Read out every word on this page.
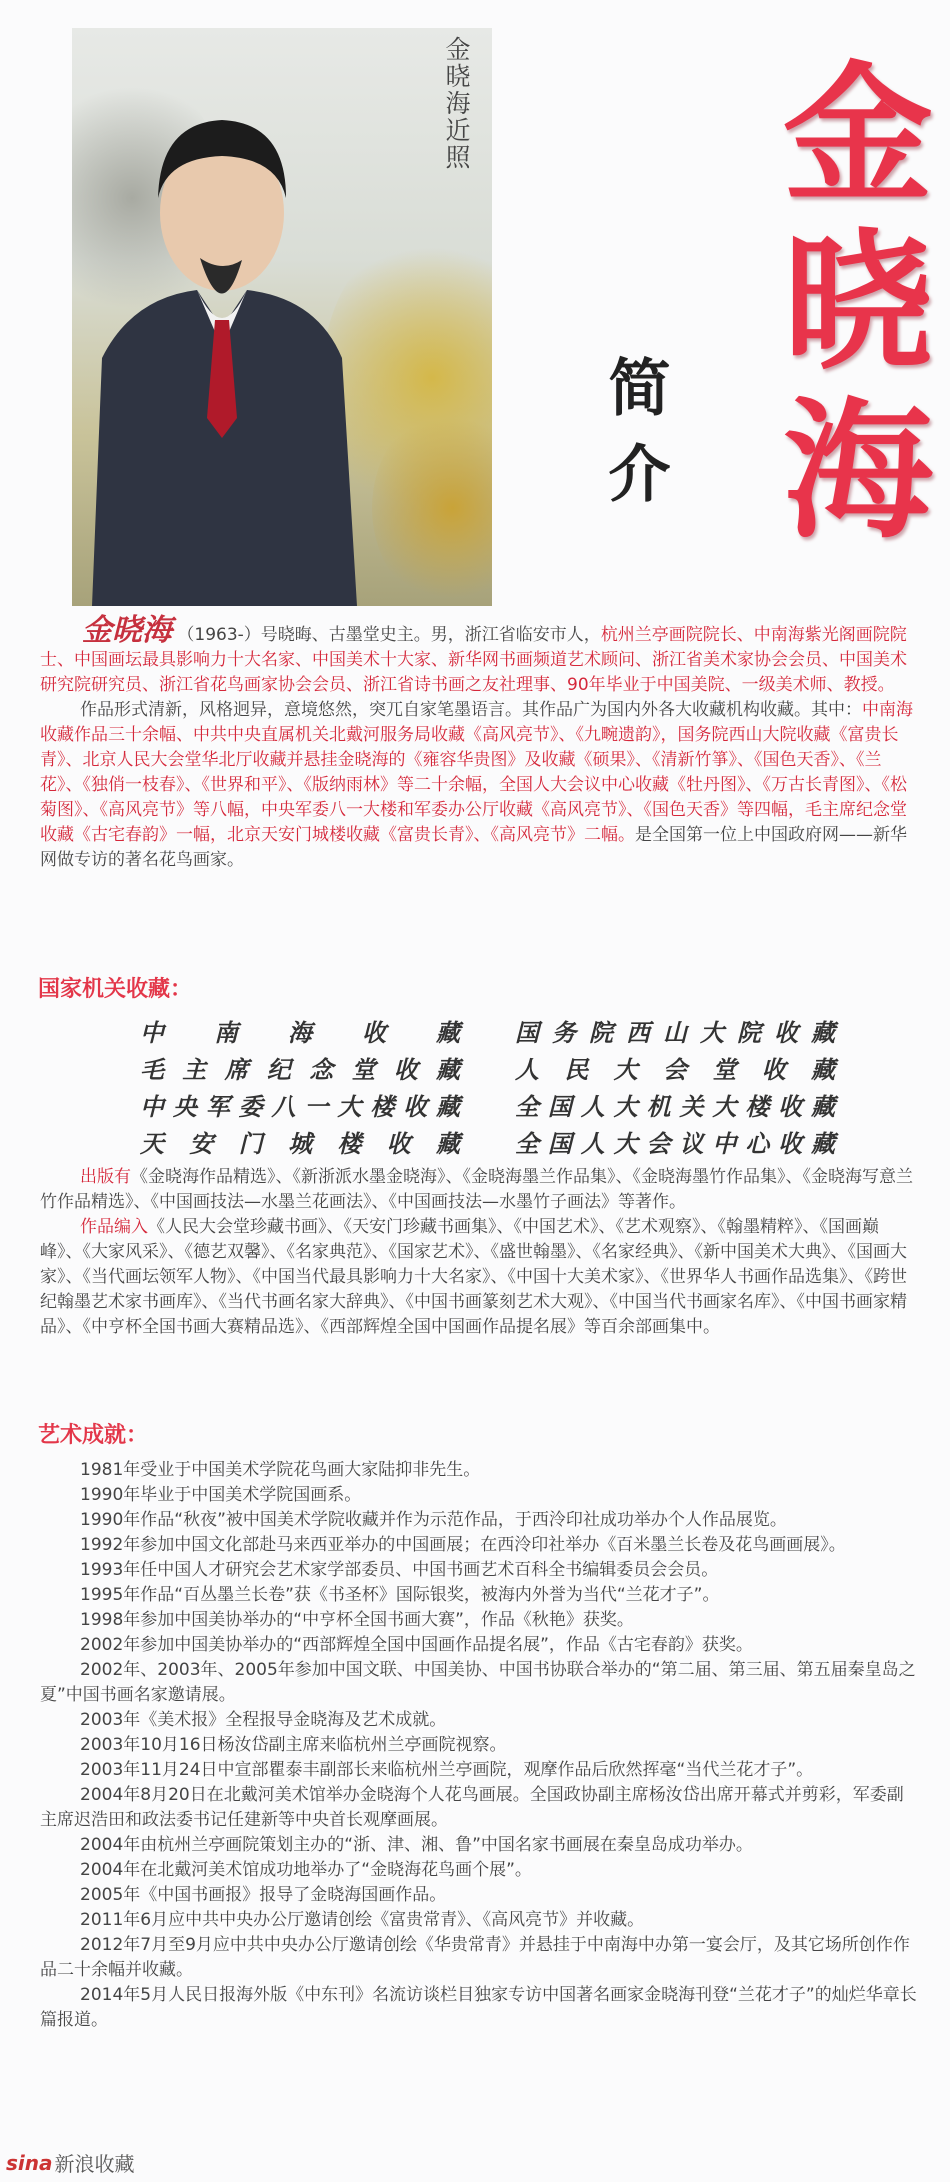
金晓海近照	金晓海
简介
金晓海 （1963-）号晓晦、古墨堂史主。男，浙江省临安市人，杭州兰亭画院院长、中南海紫光阁画院院士、中国画坛最具影响力十大名家、中国美术十大家、新华网书画频道艺术顾问、浙江省美术家协会会员、中国美术研究院研究员、浙江省花鸟画家协会会员、浙江省诗书画之友社理事、90年毕业于中国美院、一级美术师、教授。 作品形式清新，风格迥异，意境悠然，突兀自家笔墨语言。其作品广为国内外各大收藏机构收藏。其中：中南海收藏作品三十余幅、中共中央直属机关北戴河服务局收藏《高风亮节》、《九畹遗韵》，国务院西山大院收藏《富贵长青》、北京人民大会堂华北厅收藏并悬挂金晓海的《雍容华贵图》及收藏《硕果》、《清新竹箏》、《国色天香》、《兰花》、《独俏一枝春》、《世界和平》、《版纳雨林》等二十余幅，全国人大会议中心收藏《牡丹图》、《万古长青图》、《松菊图》、《高风亮节》等八幅，中央军委八一大楼和军委办公厅收藏《高风亮节》、《国色天香》等四幅，毛主席纪念堂收藏《古宅春韵》一幅，北京天安门城楼收藏《富贵长青》、《高风亮节》二幅。是全国第一位上中国政府网——新华网做专访的著名花鸟画家。
国家机关收藏：
中南海收藏 国务院西山大院收藏
毛主席纪念堂收藏 人民大会堂收藏
中央军委八一大楼收藏 全国人大机关大楼收藏
天安门城楼收藏 全国人大会议中心收藏

出版有《金晓海作品精选》、《新浙派水墨金晓海》、《金晓海墨兰作品集》、《金晓海墨竹作品集》、《金晓海写意兰竹作品精选》、《中国画技法—水墨兰花画法》、《中国画技法—水墨竹子画法》等著作。

作品编入《人民大会堂珍藏书画》、《天安门珍藏书画集》、《中国艺术》、《艺术观察》、《翰墨精粹》、《国画巅峰》、《大家风采》、《德艺双馨》、《名家典范》、《国家艺术》、《盛世翰墨》、《名家经典》、《新中国美术大典》、《国画大家》、《当代画坛领军人物》、《中国当代最具影响力十大名家》、《中国十大美术家》、《世界华人书画作品选集》、《跨世纪翰墨艺术家书画库》、《当代书画名家大辞典》、《中国书画篆刻艺术大观》、《中国当代书画家名库》、《中国书画家精品》、《中亨杯全国书画大赛精品选》、《西部辉煌全国中国画作品提名展》等百余部画集中。

艺术成就：

1981年受业于中国美术学院花鸟画大家陆抑非先生。

1990年毕业于中国美术学院国画系。

1990年作品“秋夜”被中国美术学院收藏并作为示范作品，于西泠印社成功举办个人作品展览。

1992年参加中国文化部赴马来西亚举办的中国画展；在西泠印社举办《百米墨兰长卷及花鸟画画展》。

1993年任中国人才研究会艺术家学部委员、中国书画艺术百科全书编辑委员会会员。

1995年作品“百丛墨兰长卷”获《书圣杯》国际银奖，被海内外誉为当代“兰花才子”。

1998年参加中国美协举办的“中亨杯全国书画大赛”，作品《秋艳》获奖。

2002年参加中国美协举办的“西部辉煌全国中国画作品提名展”，作品《古宅春韵》获奖。

2002年、2003年、2005年参加中国文联、中国美协、中国书协联合举办的“第二届、第三届、第五届秦皇岛之夏”中国书画名家邀请展。

2003年《美术报》全程报导金晓海及艺术成就。

2003年10月16日杨汝岱副主席来临杭州兰亭画院视察。

2003年11月24日中宣部瞿泰丰副部长来临杭州兰亭画院，观摩作品后欣然挥毫“当代兰花才子”。

2004年8月20日在北戴河美术馆举办金晓海个人花鸟画展。全国政协副主席杨汝岱出席开幕式并剪彩，军委副主席迟浩田和政法委书记任建新等中央首长观摩画展。

2004年由杭州兰亭画院策划主办的“浙、津、湘、鲁”中国名家书画展在秦皇岛成功举办。

2004年在北戴河美术馆成功地举办了“金晓海花鸟画个展”。

2005年《中国书画报》报导了金晓海国画作品。

2011年6月应中共中央办公厅邀请创绘《富贵常青》、《高风亮节》并收藏。

2012年7月至9月应中共中央办公厅邀请创绘《华贵常青》并悬挂于中南海中办第一宴会厅，及其它场所创作作品二十余幅并收藏。

2014年5月人民日报海外版《中东刊》名流访谈栏目独家专访中国著名画家金晓海刊登“兰花才子”的灿烂华章长篇报道。

sina 新浪收藏
